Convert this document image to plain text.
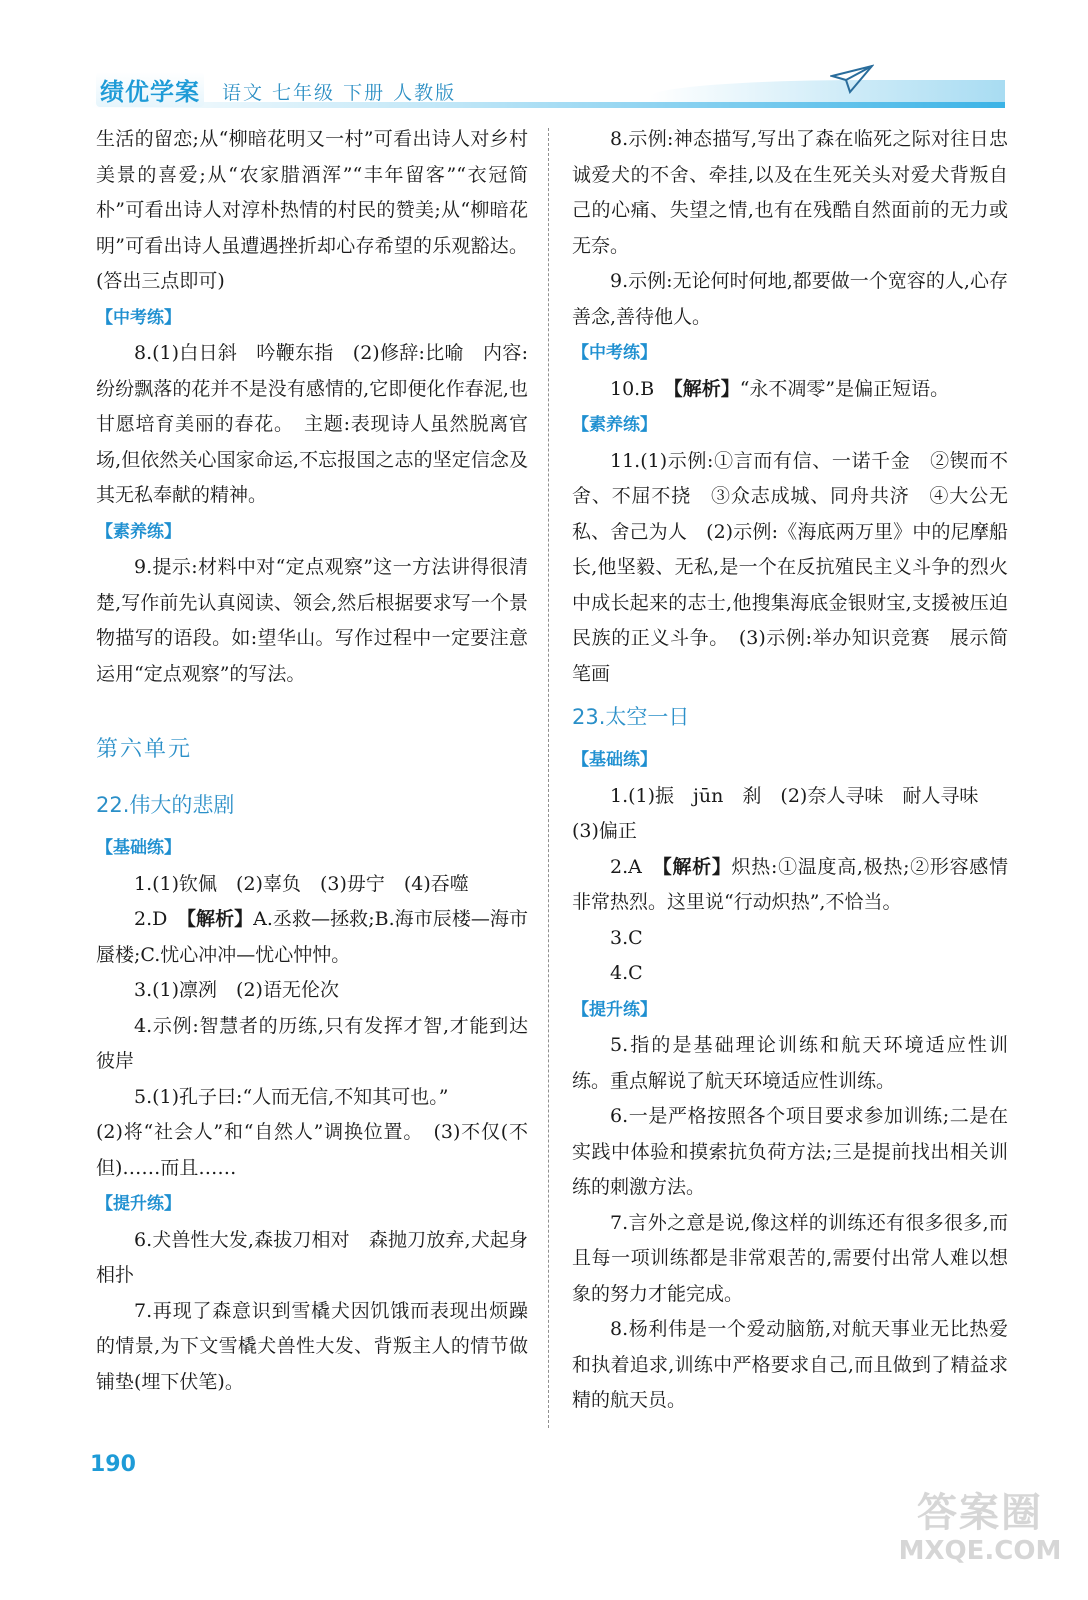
绩优学案 语文 七年级 下册 人教版

生活的留恋;从“柳暗花明又一村”可看出诗人对乡村美景的喜爱;从“农家腊酒浑”“丰年留客”“衣冠简朴”可看出诗人对淳朴热情的村民的赞美;从“柳暗花明”可看出诗人虽遭遇挫折却心存希望的乐观豁达。(答出三点即可)

【中考练】

8.(1)白日斜　吟鞭东指　(2)修辞:比喻　内容:纷纷飘落的花并不是没有感情的,它即便化作春泥,也甘愿培育美丽的春花。　主题:表现诗人虽然脱离官场,但依然关心国家命运,不忘报国之志的坚定信念及其无私奉献的精神。

【素养练】

9.提示:材料中对“定点观察”这一方法讲得很清楚,写作前先认真阅读、领会,然后根据要求写一个景物描写的语段。如:望华山。写作过程中一定要注意运用“定点观察”的写法。

第六单元

22.伟大的悲剧

【基础练】

1.(1)钦佩　(2)辜负　(3)毋宁　(4)吞噬

2.D　【解析】A.丞救—拯救;B.海市辰楼—海市蜃楼;C.忧心冲冲—忧心忡忡。

3.(1)凛冽　(2)语无伦次

4.示例:智慧者的历练,只有发挥才智,才能到达彼岸

5.(1)孔子曰:“人而无信,不知其可也。”

(2)将“社会人”和“自然人”调换位置。　(3)不仅(不但)……而且……

【提升练】

6.犬兽性大发,森拔刀相对　森抛刀放弃,犬起身相扑

7.再现了森意识到雪橇犬因饥饿而表现出烦躁的情景,为下文雪橇犬兽性大发、背叛主人的情节做铺垫(埋下伏笔)。

8.示例:神态描写,写出了森在临死之际对往日忠诚爱犬的不舍、牵挂,以及在生死关头对爱犬背叛自己的心痛、失望之情,也有在残酷自然面前的无力或无奈。

9.示例:无论何时何地,都要做一个宽容的人,心存善念,善待他人。

【中考练】

10.B　【解析】“永不凋零”是偏正短语。

【素养练】

11.(1)示例:①言而有信、一诺千金　②锲而不舍、不屈不挠　③众志成城、同舟共济　④大公无私、舍己为人　(2)示例:《海底两万里》中的尼摩船长,他坚毅、无私,是一个在反抗殖民主义斗争的烈火中成长起来的志士,他搜集海底金银财宝,支援被压迫民族的正义斗争。　(3)示例:举办知识竞赛　展示简笔画

23.太空一日

【基础练】

1.(1)振　jūn　刹　(2)奈人寻味　耐人寻味

(3)偏正

2.A　【解析】炽热:①温度高,极热;②形容感情非常热烈。这里说“行动炽热”,不恰当。

3.C

4.C

【提升练】

5.指的是基础理论训练和航天环境适应性训练。重点解说了航天环境适应性训练。

6.一是严格按照各个项目要求参加训练;二是在实践中体验和摸索抗负荷方法;三是提前找出相关训练的刺激方法。

7.言外之意是说,像这样的训练还有很多很多,而且每一项训练都是非常艰苦的,需要付出常人难以想象的努力才能完成。

8.杨利伟是一个爱动脑筋,对航天事业无比热爱和执着追求,训练中严格要求自己,而且做到了精益求精的航天员。

190
答案圈
MXQE.COM
